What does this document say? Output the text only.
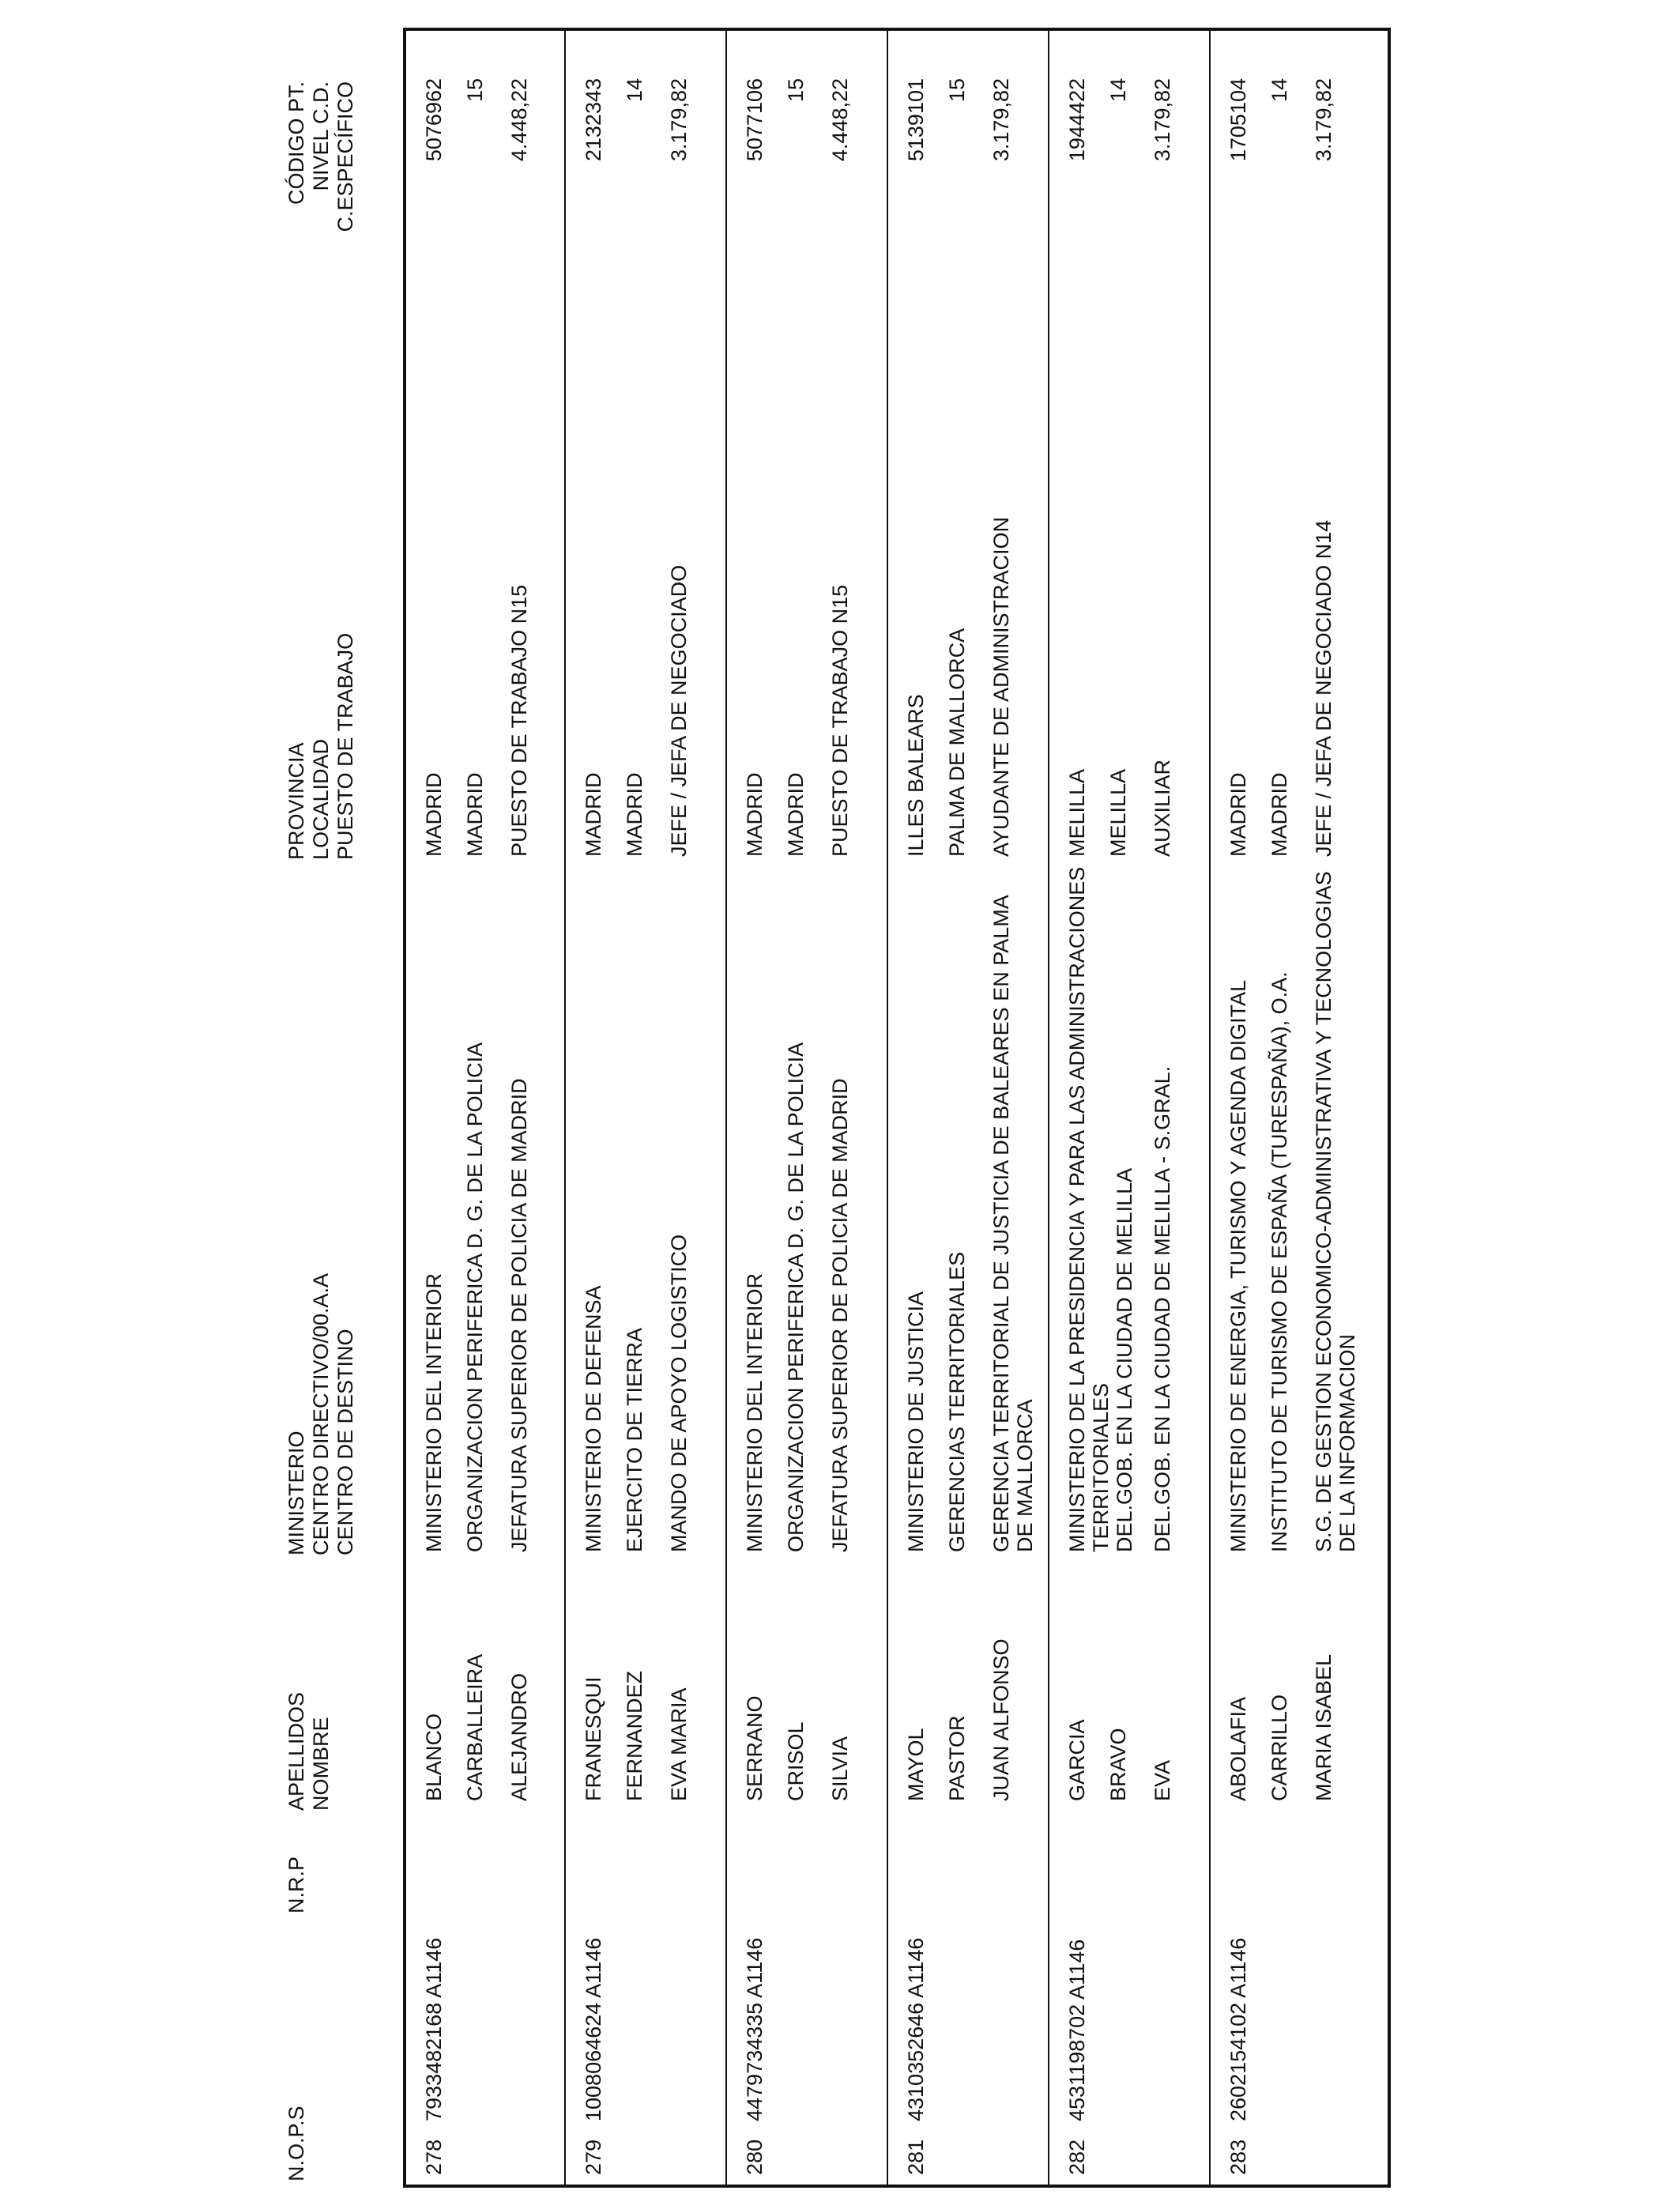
N.O.P.S
N.R.P
APELLIDOS NOMBRE
MINISTERIO CENTRO DIRECTIVO/00.A.A CENTRO DE DESTINO
PROVINCIA LOCALIDAD PUESTO DE TRABAJO
CÓDIGO PT. NIVEL C.D. C.ESPECÍFICO
278
7933482168 A1146
BLANCO CARBALLEIRA ALEJANDRO
MINISTERIO DEL INTERIOR ORGANIZACION PERIFERICA D. G. DE LA POLICIA JEFATURA SUPERIOR DE POLICIA DE MADRID
MADRID MADRID PUESTO DE TRABAJO N15
5076962 15 4.448,22
279
1008064624 A1146
FRANESQUI FERNANDEZ EVA MARIA
MINISTERIO DE DEFENSA EJERCITO DE TIERRA MANDO DE APOYO LOGISTICO
MADRID MADRID JEFE / JEFA DE NEGOCIADO
2132343 14 3.179,82
280
4479734335 A1146
SERRANO CRISOL SILVIA
MINISTERIO DEL INTERIOR ORGANIZACION PERIFERICA D. G. DE LA POLICIA JEFATURA SUPERIOR DE POLICIA DE MADRID
MADRID MADRID PUESTO DE TRABAJO N15
5077106 15 4.448,22
281
4310352646 A1146
MAYOL PASTOR JUAN ALFONSO
MINISTERIO DE JUSTICIA GERENCIAS TERRITORIALES GERENCIA TERRITORIAL DE JUSTICIA DE BALEARES EN PALMA DE MALLORCA
ILLES BALEARS PALMA DE MALLORCA AYUDANTE DE ADMINISTRACION
5139101 15 3.179,82
282
4531198702 A1146
GARCIA BRAVO EVA
MINISTERIO DE LA PRESIDENCIA Y PARA LAS ADMINISTRACIONES TERRITORIALES DEL.GOB. EN LA CIUDAD DE MELILLA DEL.GOB. EN LA CIUDAD DE MELILLA - S.GRAL.
MELILLA MELILLA AUXILIAR
1944422 14 3.179,82
283
2602154102 A1146
ABOLAFIA CARRILLO MARIA ISABEL
MINISTERIO DE ENERGIA, TURISMO Y AGENDA DIGITAL INSTITUTO DE TURISMO DE ESPAÑA (TURESPAÑA), O.A. S.G. DE GESTION ECONOMICO-ADMINISTRATIVA Y TECNOLOGIAS DE LA INFORMACION
MADRID MADRID JEFE / JEFA DE NEGOCIADO N14
1705104 14 3.179,82
